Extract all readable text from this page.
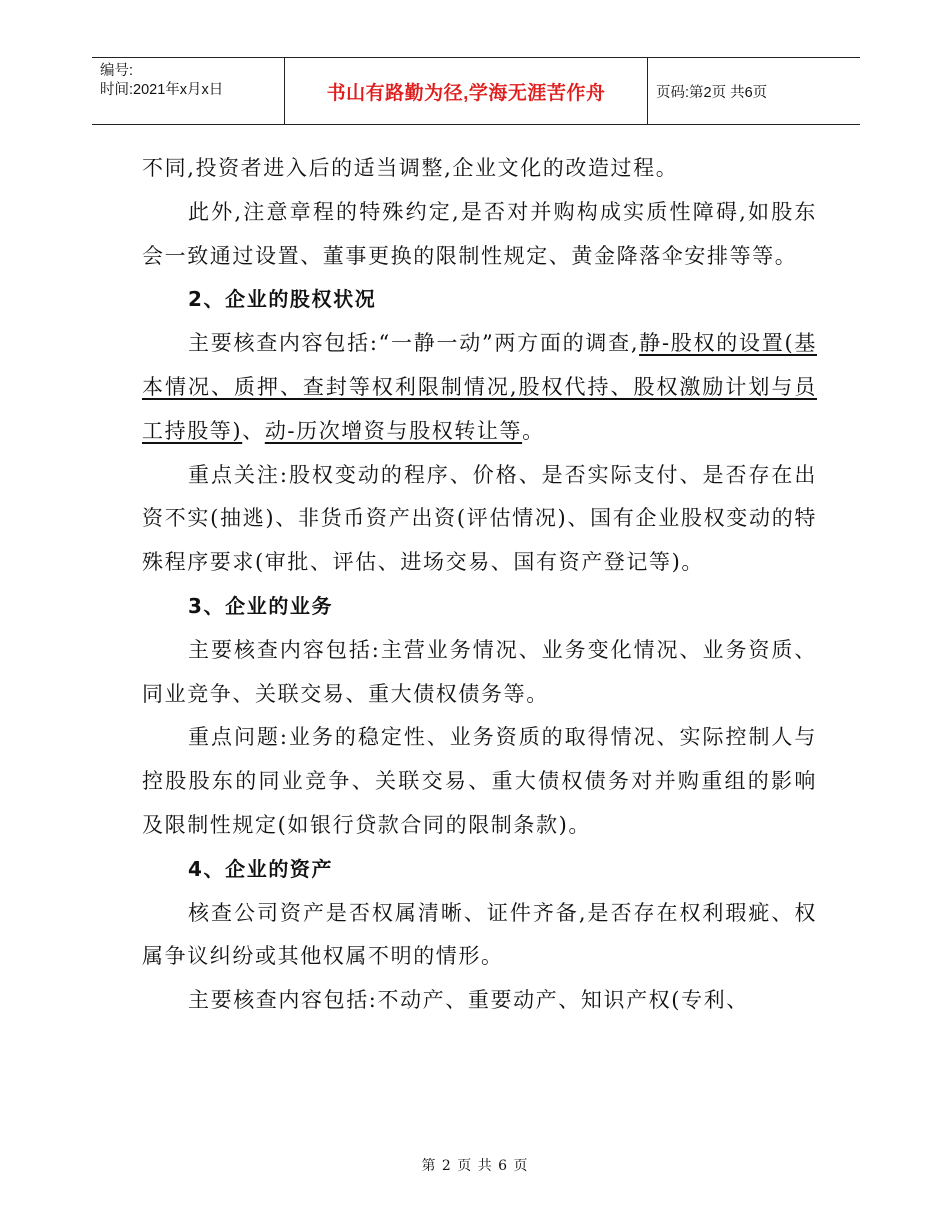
编号:
时间:2021年x月x日	书山有路勤为径,学海无涯苦作舟	页码:第2页 共6页

不同,投资者进入后的适当调整,企业文化的改造过程。

此外,注意章程的特殊约定,是否对并购构成实质性障碍,如股东会一致通过设置、董事更换的限制性规定、黄金降落伞安排等等。

2、企业的股权状况

主要核查内容包括:“一静一动”两方面的调查,静-股权的设置(基本情况、质押、查封等权利限制情况,股权代持、股权激励计划与员工持股等)、动-历次增资与股权转让等。

重点关注:股权变动的程序、价格、是否实际支付、是否存在出资不实(抽逃)、非货币资产出资(评估情况)、国有企业股权变动的特殊程序要求(审批、评估、进场交易、国有资产登记等)。

3、企业的业务

主要核查内容包括:主营业务情况、业务变化情况、业务资质、同业竞争、关联交易、重大债权债务等。

重点问题:业务的稳定性、业务资质的取得情况、实际控制人与控股股东的同业竞争、关联交易、重大债权债务对并购重组的影响及限制性规定(如银行贷款合同的限制条款)。

4、企业的资产

核查公司资产是否权属清晰、证件齐备,是否存在权利瑕疵、权属争议纠纷或其他权属不明的情形。

主要核查内容包括:不动产、重要动产、知识产权(专利、

第 2 页 共 6 页
